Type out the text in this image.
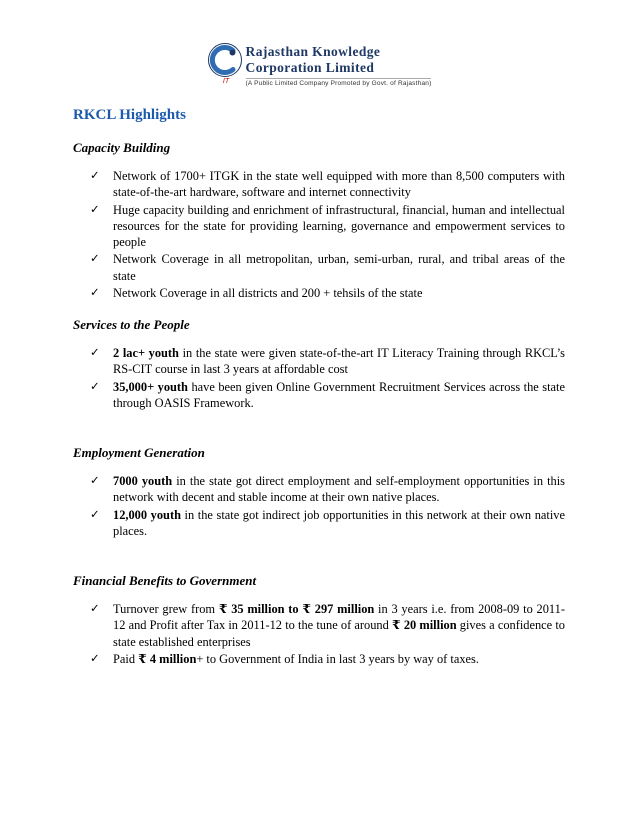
Rajasthan Knowledge
Corporation Limited
IT	(A Public Limited Company Promoted by Govt. of Rajasthan)
RKCL Highlights
Capacity Building
✓	Network of 1700+ ITGK in the state well equipped with more than 8,500 computers with state-of-the-art hardware, software and internet connectivity
✓	Huge capacity building and enrichment of infrastructural, financial, human and intellectual resources for the state for providing learning, governance and empowerment services to people
✓	Network Coverage in all metropolitan, urban, semi-urban, rural, and tribal areas of the state
✓	Network Coverage in all districts and 200 + tehsils of the state
Services to the People
✓	2 lac+ youth in the state were given state-of-the-art IT Literacy Training through RKCL’s RS-CIT course in last 3 years at affordable cost
✓	35,000+ youth have been given Online Government Recruitment Services across the state through OASIS Framework.
Employment Generation
✓	7000 youth in the state got direct employment and self-employment opportunities in this network with decent and stable income at their own native places.
✓	12,000 youth in the state got indirect job opportunities in this network at their own native places.
Financial Benefits to Government
✓	Turnover grew from ₹ 35 million to ₹ 297 million in 3 years i.e. from 2008-09 to 2011-12 and Profit after Tax in 2011-12 to the tune of around ₹ 20 million gives a confidence to state established enterprises
✓	Paid ₹ 4 million+ to Government of India in last 3 years by way of taxes.
